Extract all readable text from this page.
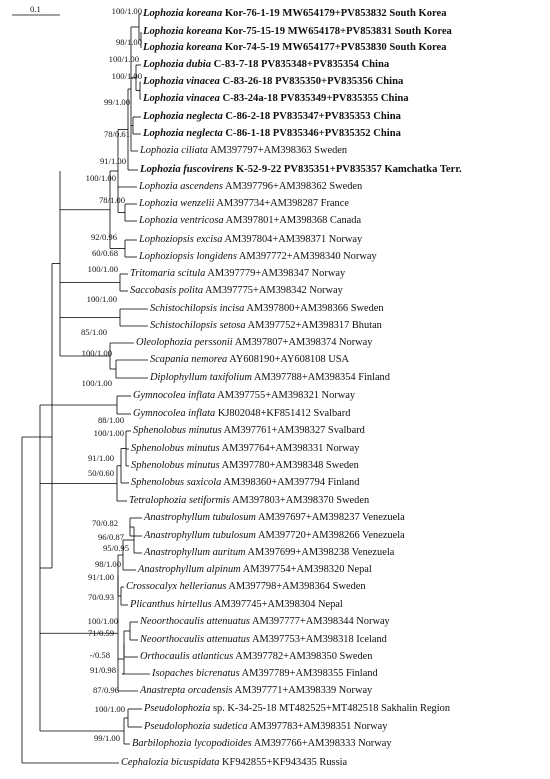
0.1	Lophozia koreana Kor-76-1-19 MW654179+PV853832 South Korea
Lophozia koreana Kor-75-15-19 MW654178+PV853831 South Korea
Lophozia koreana Kor-74-5-19 MW654177+PV853830 South Korea
Lophozia dubia C-83-7-18 PV835348+PV835354 China
Lophozia vinacea C-83-26-18 PV835350+PV835356 China
Lophozia vinacea C-83-24a-18 PV835349+PV835355 China
Lophozia neglecta C-86-2-18 PV835347+PV835353 China
Lophozia neglecta C-86-1-18 PV835346+PV835352 China
Lophozia ciliata AM397797+AM398363 Sweden
Lophozia fuscovirens K-52-9-22 PV835351+PV835357 Kamchatka Terr.
Lophozia ascendens AM397796+AM398362 Sweden
Lophozia wenzelii AM397734+AM398287 France
Lophozia ventricosa AM397801+AM398368 Canada
Lophoziopsis excisa AM397804+AM398371 Norway
Lophoziopsis longidens AM397772+AM398340 Norway
Tritomaria scitula AM397779+AM398347 Norway
Saccobasis polita AM397775+AM398342 Norway
Schistochilopsis incisa AM397800+AM398366 Sweden
Schistochilopsis setosa AM397752+AM398317 Bhutan
Oleolophozia perssonii AM397807+AM398374 Norway
Scapania nemorea AY608190+AY608108 USA
Diplophyllum taxifolium AM397788+AM398354 Finland
Gymnocolea inflata AM397755+AM398321 Norway
Gymnocolea inflata KJ802048+KF851412 Svalbard
Sphenolobus minutus AM397761+AM398327 Svalbard
Sphenolobus minutus AM397764+AM398331 Norway
Sphenolobus minutus AM397780+AM398348 Sweden
Sphenolobus saxicola AM398360+AM397794 Finland
Tetralophozia setiformis AM397803+AM398370 Sweden
Anastrophyllum tubulosum AM397697+AM398237 Venezuela
Anastrophyllum tubulosum AM397720+AM398266 Venezuela
Anastrophyllum auritum AM397699+AM398238 Venezuela
Anastrophyllum alpinum AM397754+AM398320 Nepal
Crossocalyx hellerianus AM397798+AM398364 Sweden
Plicanthus hirtellus AM397745+AM398304 Nepal
Neoorthocaulis attenuatus AM397777+AM398344 Norway
Neoorthocaulis attenuatus AM397753+AM398318 Iceland
Orthocaulis atlanticus AM397782+AM398350 Sweden
Isopaches bicrenatus AM397789+AM398355 Finland
Anastrepta orcadensis AM397771+AM398339 Norway
Pseudolophozia sp. K-34-25-18 MT482525+MT482518 Sakhalin Region
Pseudolophozia sudetica AM397783+AM398351 Norway
Barbilophozia lycopodioides AM397766+AM398333 Norway
Cephalozia bicuspidata KF942855+KF943435 Russia
100/1.00
98/1.00
100/1.00
100/1.00
99/1.00
78/0.61
91/1.00
100/1.00
78/1.00
92/0.96
60/0.68
100/1.00
100/1.00
85/1.00
100/1.00
100/1.00
88/1.00
100/1.00
91/1.00
50/0.60
70/0.82
96/0.87
95/0.95
98/1.00
91/1.00
70/0.93
100/1.00
71/0.59
-/0.58
91/0.98
87/0.96
100/1.00
99/1.00
